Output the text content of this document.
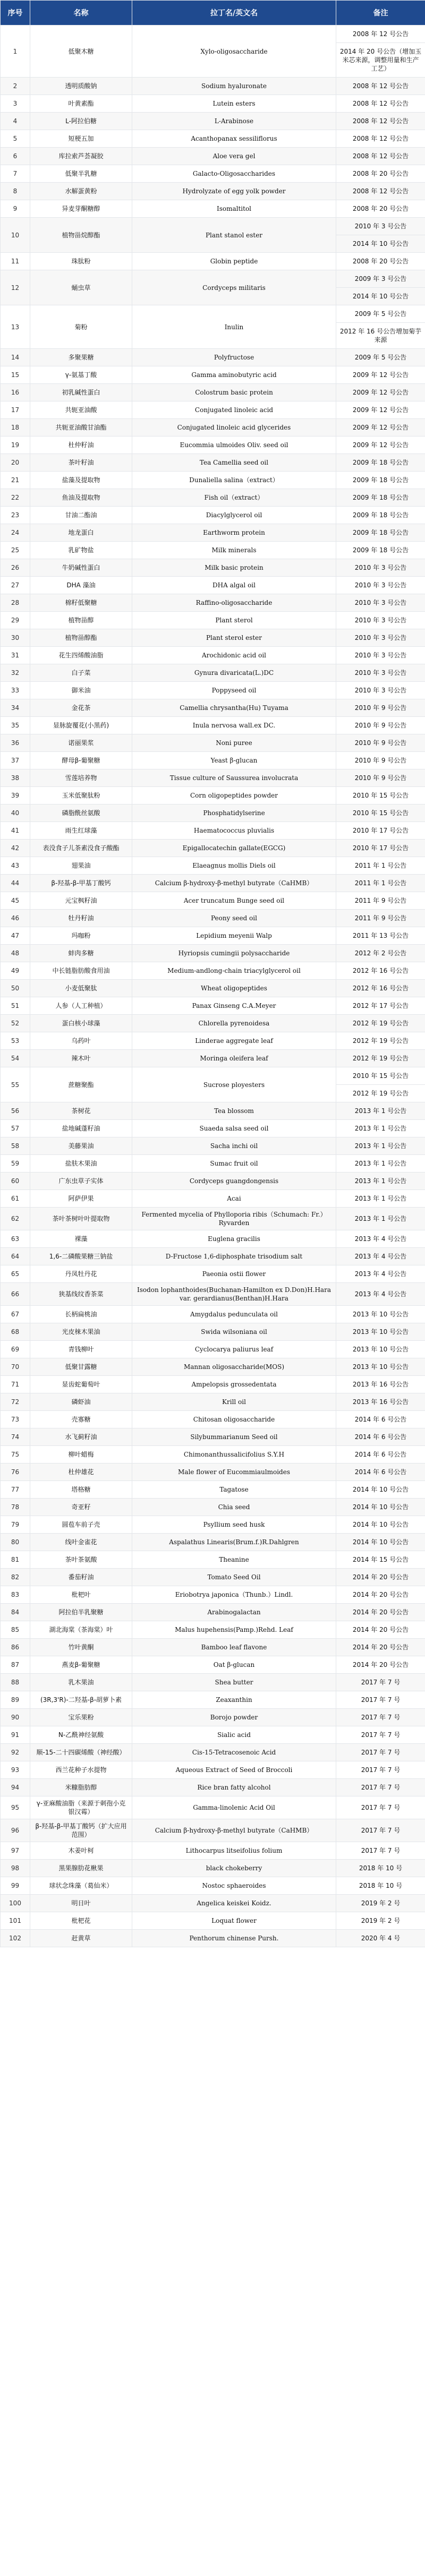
序号	名称	拉丁名/英文名	备注
1	低聚木糖	Xylo-oligosaccharide	2008 年 12 号公告
2014 年 20 号公告（增加玉米芯来源，调整用量和生产工艺）

2	透明质酸钠	Sodium hyaluronate	2008 年 12 号公告

3	叶黄素酯	Lutein esters	2008 年 12 号公告

4	L-阿拉伯糖	L-Arabinose	2008 年 12 号公告

5	短梗五加	Acanthopanax sessiliflorus	2008 年 12 号公告

6	库拉索芦荟凝胶	Aloe vera gel	2008 年 12 号公告

7	低聚半乳糖	Galacto-Oligosaccharides	2008 年 20 号公告

8	水解蛋黄粉	Hydrolyzate of egg yolk powder	2008 年 12 号公告

9	异麦芽酮糖醇	Isomaltitol	2008 年 20 号公告

10	植物甾烷醇酯	Plant stanol ester	2010 年 3 号公告
2014 年 10 号公告

11	珠肽粉	Globin peptide	2008 年 20 号公告

12	蛹虫草	Cordyceps militaris	2009 年 3 号公告
2014 年 10 号公告

13	菊粉	Inulin	2009 年 5 号公告
2012 年 16 号公告增加菊芋来源

14	多聚果糖	Polyfructose	2009 年 5 号公告

15	γ-氨基丁酸	Gamma aminobutyric acid	2009 年 12 号公告

16	初乳碱性蛋白	Colostrum basic protein	2009 年 12 号公告

17	共轭亚油酸	Conjugated linoleic acid	2009 年 12 号公告

18	共轭亚油酸甘油酯	Conjugated linoleic acid glycerides	2009 年 12 号公告

19	杜仲籽油	Eucommia ulmoides Oliv. seed oil	2009 年 12 号公告

20	茶叶籽油	Tea Camellia seed oil	2009 年 18 号公告

21	盐藻及提取物	Dunaliella salina（extract）	2009 年 18 号公告

22	鱼油及提取物	Fish oil（extract）	2009 年 18 号公告

23	甘油二酯油	Diacylglycerol oil	2009 年 18 号公告

24	地龙蛋白	Earthworm protein	2009 年 18 号公告

25	乳矿物盐	Milk minerals	2009 年 18 号公告

26	牛奶碱性蛋白	Milk basic protein	2010 年 3 号公告

27	DHA 藻油	DHA algal oil	2010 年 3 号公告

28	棉籽低聚糖	Raffino-oligosaccharide	2010 年 3 号公告

29	植物甾醇	Plant sterol	2010 年 3 号公告

30	植物甾醇酯	Plant sterol ester	2010 年 3 号公告

31	花生四烯酸油脂	Arochidonic acid oil	2010 年 3 号公告

32	白子菜	Gynura divaricata(L.)DC	2010 年 3 号公告

33	御米油	Poppyseed oil	2010 年 3 号公告

34	金花茶	Camellia chrysantha(Hu) Tuyama	2010 年 9 号公告

35	显脉旋覆花(小黑药)	Inula nervosa wall.ex DC.	2010 年 9 号公告

36	诺丽果浆	Noni puree	2010 年 9 号公告

37	酵母β-葡聚糖	Yeast β-glucan	2010 年 9 号公告

38	雪莲培养物	Tissue culture of Saussurea involucrata	2010 年 9 号公告

39	玉米低聚肽粉	Corn oligopeptides powder	2010 年 15 号公告

40	磷脂酰丝氨酸	Phosphatidylserine	2010 年 15 号公告

41	雨生红球藻	Haematococcus pluvialis	2010 年 17 号公告

42	表没食子儿茶素没食子酸酯	Epigallocatechin gallate(EGCG)	2010 年 17 号公告

43	翅果油	Elaeagnus mollis Diels oil	2011 年 1 号公告

44	β-羟基-β-甲基丁酸钙	Calcium β-hydroxy-β-methyl butyrate（CaHMB）	2011 年 1 号公告

45	元宝枫籽油	Acer truncatum Bunge seed oil	2011 年 9 号公告

46	牡丹籽油	Peony seed oil	2011 年 9 号公告

47	玛咖粉	Lepidium meyenii Walp	2011 年 13 号公告

48	蚌肉多糖	Hyriopsis cumingii polysaccharide	2012 年 2 号公告

49	中长链脂肪酸食用油	Medium-andlong-chain triacylglycerol oil	2012 年 16 号公告

50	小麦低聚肽	Wheat oligopeptides	2012 年 16 号公告

51	人参（人工种植）	Panax Ginseng C.A.Meyer	2012 年 17 号公告

52	蛋白核小球藻	Chlorella pyrenoidesa	2012 年 19 号公告

53	乌药叶	Linderae aggregate leaf	2012 年 19 号公告

54	辣木叶	Moringa oleifera leaf	2012 年 19 号公告

55	蔗糖聚酯	Sucrose ployesters	2010 年 15 号公告
2012 年 19 号公告

56	茶树花	Tea blossom	2013 年 1 号公告

57	盐地碱蓬籽油	Suaeda salsa seed oil	2013 年 1 号公告

58	美藤果油	Sacha inchi oil	2013 年 1 号公告

59	盐肤木果油	Sumac fruit oil	2013 年 1 号公告

60	广东虫草子实体	Cordyceps guangdongensis	2013 年 1 号公告

61	阿萨伊果	Acai	2013 年 1 号公告

62	茶叶茶树叶叶提取物	Fermented mycelia of Phylloporia ribis（Schumach: Fr.）Ryvarden	2013 年 1 号公告

63	裸藻	Euglena gracilis	2013 年 4 号公告

64	1,6-二磷酸果糖三钠盐	D-Fructose 1,6-diphosphate trisodium salt	2013 年 4 号公告

65	丹凤牡丹花	Paeonia ostii flower	2013 年 4 号公告

66	狭基线纹香茶菜	Isodon lophanthoides(Buchanan-Hamilton ex D.Don)H.Hara var. gerardianus(Benthan)H.Hara	2013 年 4 号公告

67	长柄扁桃油	Amygdalus pedunculata oil	2013 年 10 号公告

68	光皮梾木果油	Swida wilsoniana oil	2013 年 10 号公告

69	青钱柳叶	Cyclocarya paliurus leaf	2013 年 10 号公告

70	低聚甘露糖	Mannan oligosaccharide(MOS)	2013 年 10 号公告

71	显齿蛇葡萄叶	Ampelopsis grossedentata	2013 年 16 号公告

72	磷虾油	Krill oil	2013 年 16 号公告

73	壳寡糖	Chitosan oligosaccharide	2014 年 6 号公告

74	水飞蓟籽油	Silybummarianum Seed oil	2014 年 6 号公告

75	柳叶蜡梅	Chimonanthussalicifolius S.Y.H	2014 年 6 号公告

76	杜仲雄花	Male flower of Eucommiaulmoides	2014 年 6 号公告

77	塔格糖	Tagatose	2014 年 10 号公告

78	奇亚籽	Chia seed	2014 年 10 号公告

79	圆苞车前子壳	Psyllium seed husk	2014 年 10 号公告

80	线叶金雀花	Aspalathus Linearis(Brum.f.)R.Dahlgren	2014 年 10 号公告

81	茶叶茶氨酸	Theanine	2014 年 15 号公告

82	番茄籽油	Tomato Seed Oil	2014 年 20 号公告

83	枇杷叶	Eriobotrya japonica（Thunb.）Lindl.	2014 年 20 号公告

84	阿拉伯半乳聚糖	Arabinogalactan	2014 年 20 号公告

85	湖北海棠（茶海棠）叶	Malus hupehensis(Pamp.)Rehd. Leaf	2014 年 20 号公告

86	竹叶黄酮	Bamboo leaf flavone	2014 年 20 号公告

87	燕麦β-葡聚糖	Oat β-glucan	2014 年 20 号公告

88	乳木果油	Shea butter	2017 年 7 号

89	(3R,3'R)-二羟基-β-胡萝卜素	Zeaxanthin	2017 年 7 号

90	宝乐果粉	Borojo powder	2017 年 7 号

91	N-乙酰神经氨酸	Sialic acid	2017 年 7 号

92	顺-15-二十四碳烯酸（神经酸）	Cis-15-Tetracosenoic Acid	2017 年 7 号

93	西兰花种子水提物	Aqueous Extract of Seed of Broccoli	2017 年 7 号

94	米糠脂肪醇	Rice bran fatty alcohol	2017 年 7 号

95	γ-亚麻酸油脂（来源于刺孢小克银汉霉）	Gamma-linolenic Acid Oil	2017 年 7 号

96	β-羟基-β-甲基丁酸钙（扩大应用范围）	Calcium β-hydroxy-β-methyl butyrate（CaHMB）	2017 年 7 号

97	木姜叶柯	Lithocarpus litseifolius folium	2017 年 7 号

98	黑果腺肋花楸果	black chokeberry	2018 年 10 号

99	球状念珠藻（葛仙米）	Nostoc sphaeroides	2018 年 10 号

100	明日叶	Angelica keiskei Koidz.	2019 年 2 号

101	枇杷花	Loquat flower	2019 年 2 号

102	赶黄草	Penthorum chinense Pursh.	2020 年 4 号
